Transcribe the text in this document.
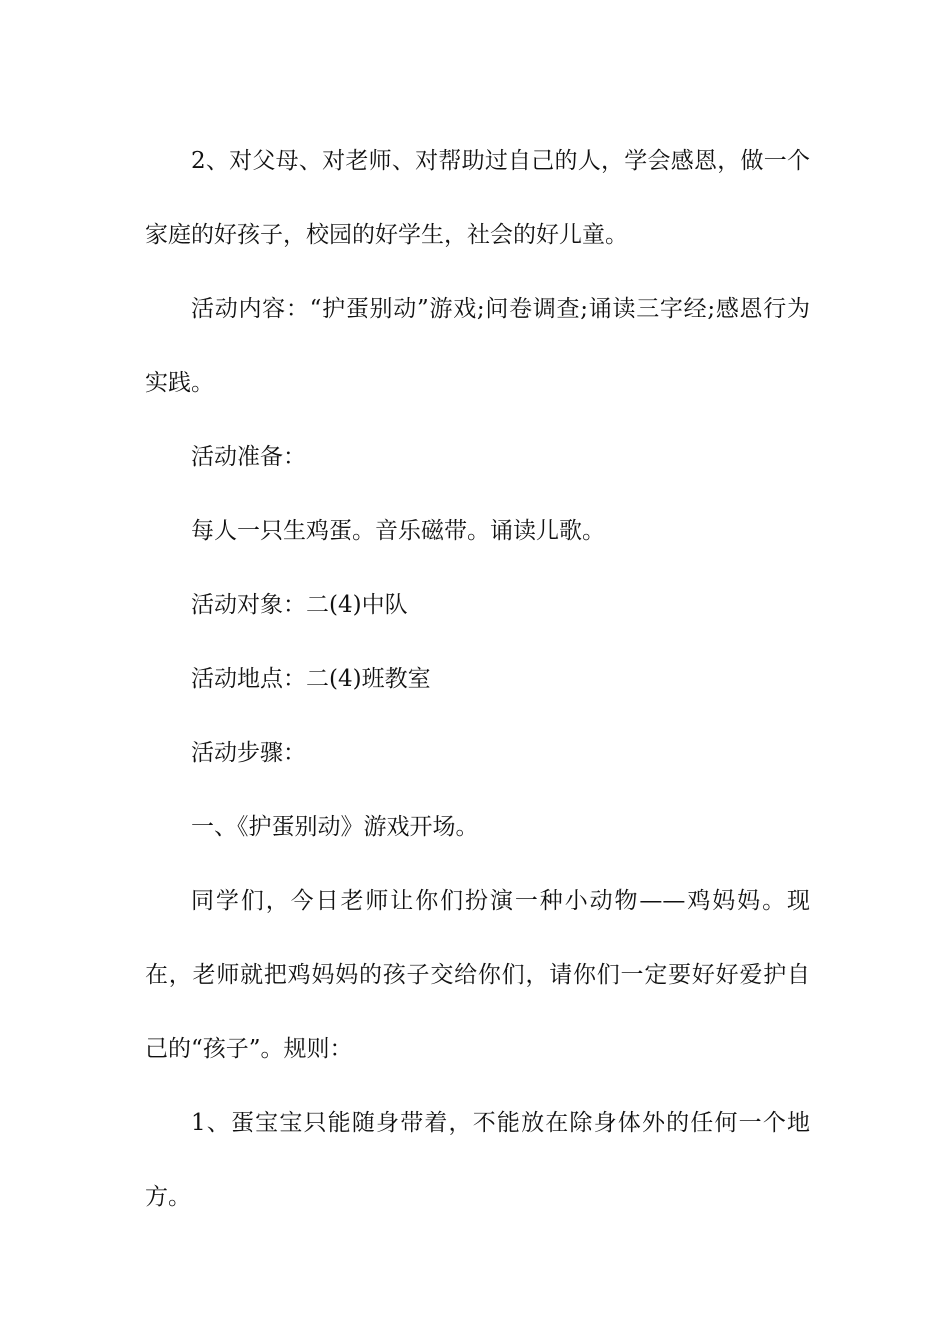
2、对父母、对老师、对帮助过自己的人，学会感恩，做一个家庭的好孩子，校园的好学生，社会的好儿童。

活动内容：“护蛋别动”游戏;问卷调查;诵读三字经;感恩行为实践。

活动准备：

每人一只生鸡蛋。音乐磁带。诵读儿歌。

活动对象：二(4)中队

活动地点：二(4)班教室

活动步骤：

一、《护蛋别动》游戏开场。

同学们，今日老师让你们扮演一种小动物——鸡妈妈。现在，老师就把鸡妈妈的孩子交给你们，请你们一定要好好爱护自己的“孩子”。规则：

1、蛋宝宝只能随身带着，不能放在除身体外的任何一个地方。
